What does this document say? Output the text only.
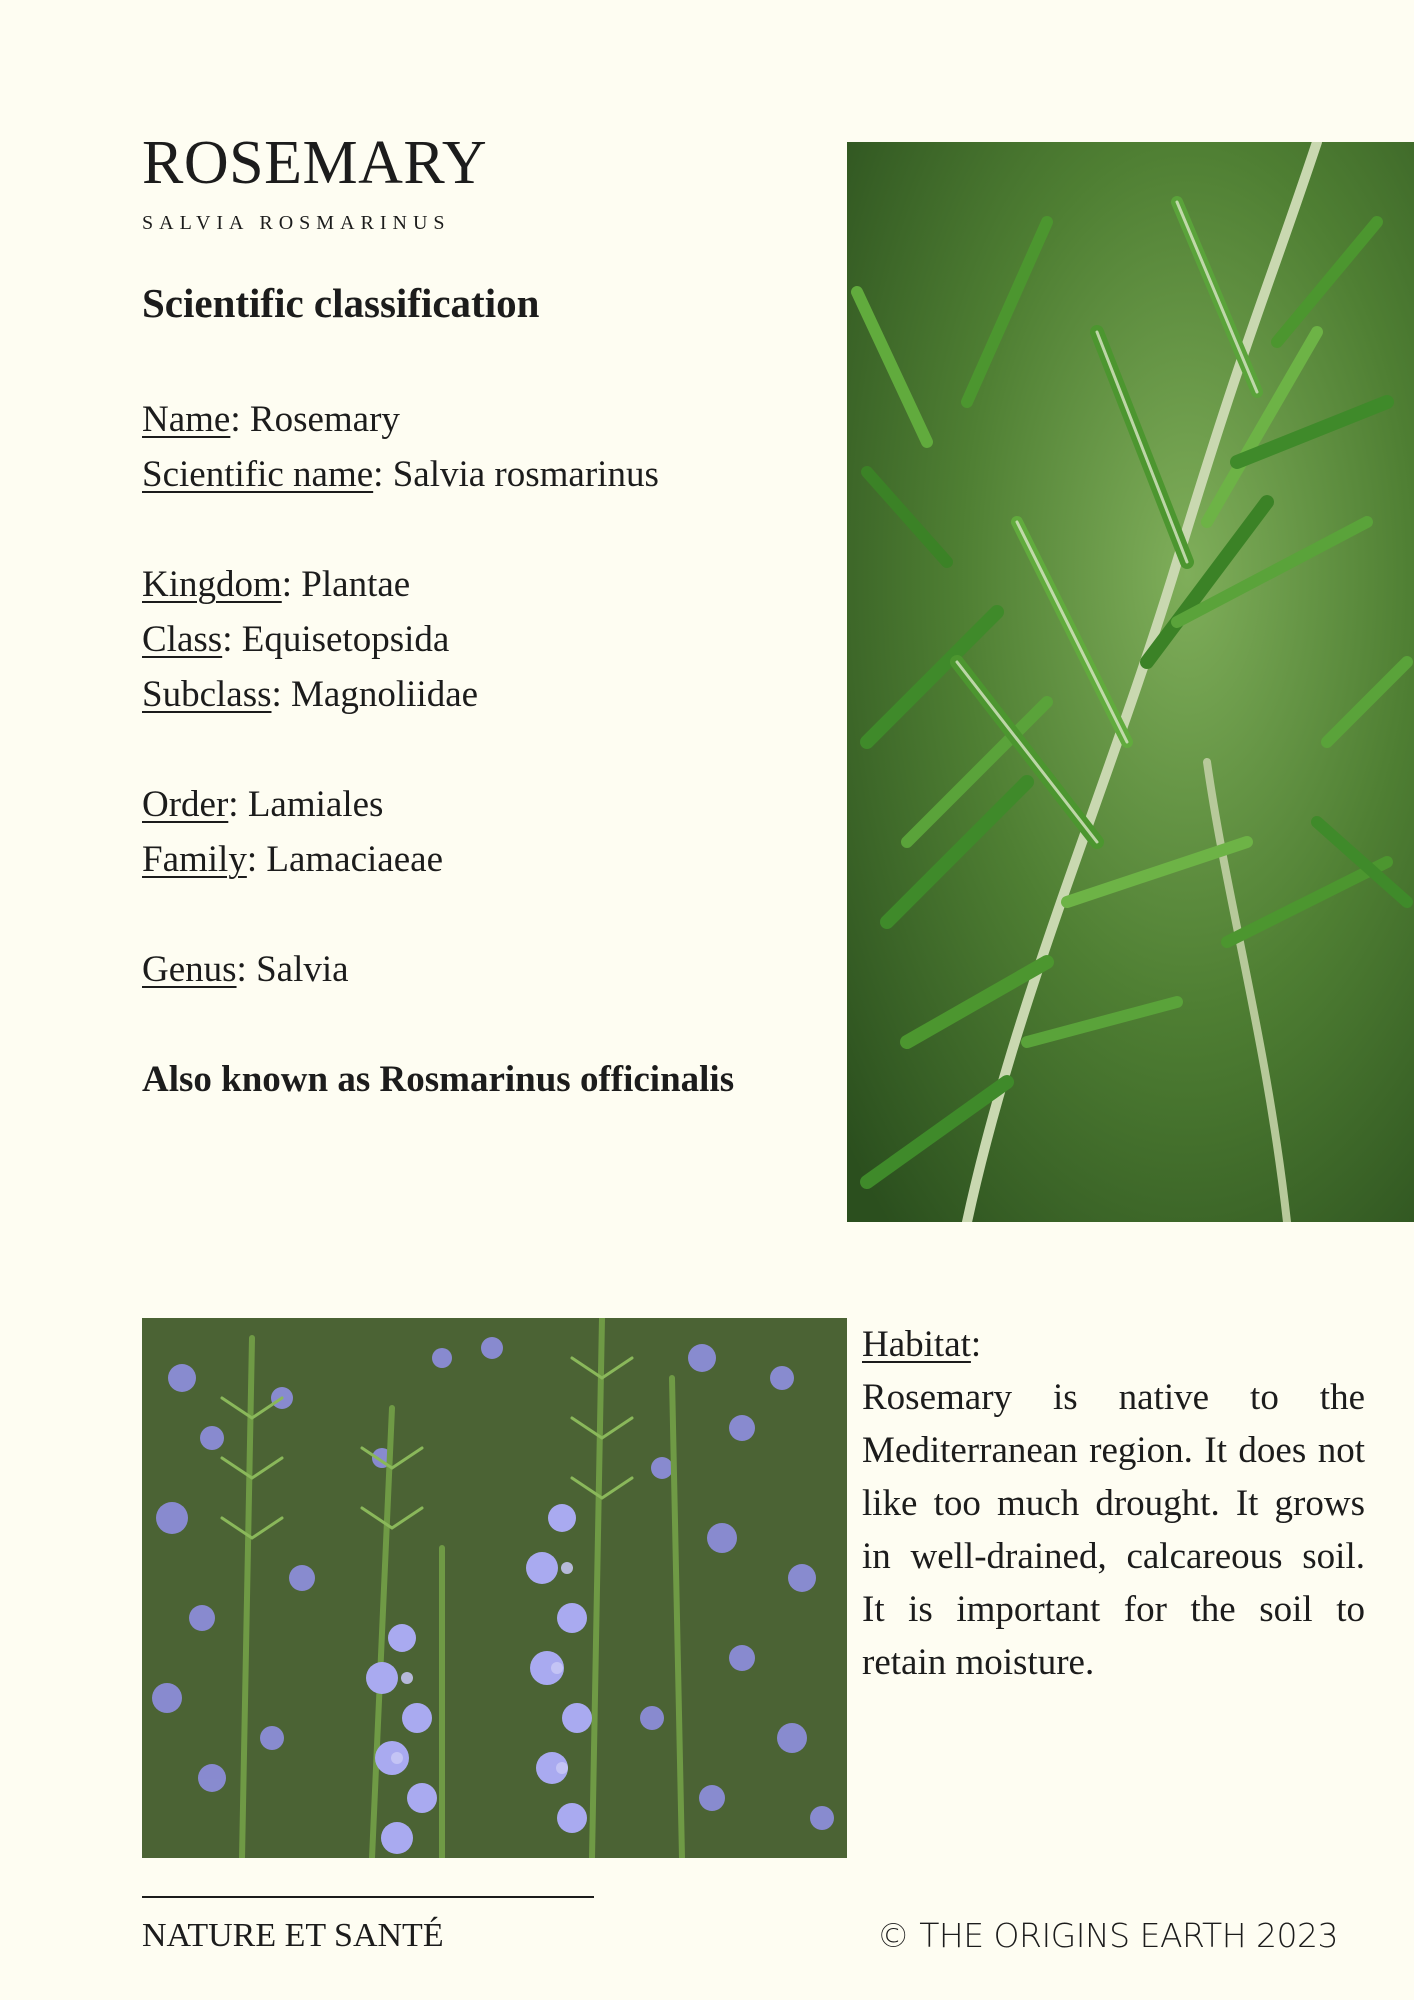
ROSEMARY
SALVIA ROSMARINUS
Scientific classification
Name: Rosemary
Scientific name: Salvia rosmarinus
Kingdom: Plantae
Class: Equisetopsida
Subclass: Magnoliidae
Order: Lamiales
Family: Lamaciaeae
Genus: Salvia
Also known as Rosmarinus officinalis
Habitat:

Rosemary is native to the Mediterranean region. It does not like too much drought. It grows in well-drained, calcareous soil. It is important for the soil to retain moisture.

NATURE ET SANTÉ	© THE ORIGINS EARTH 2023
